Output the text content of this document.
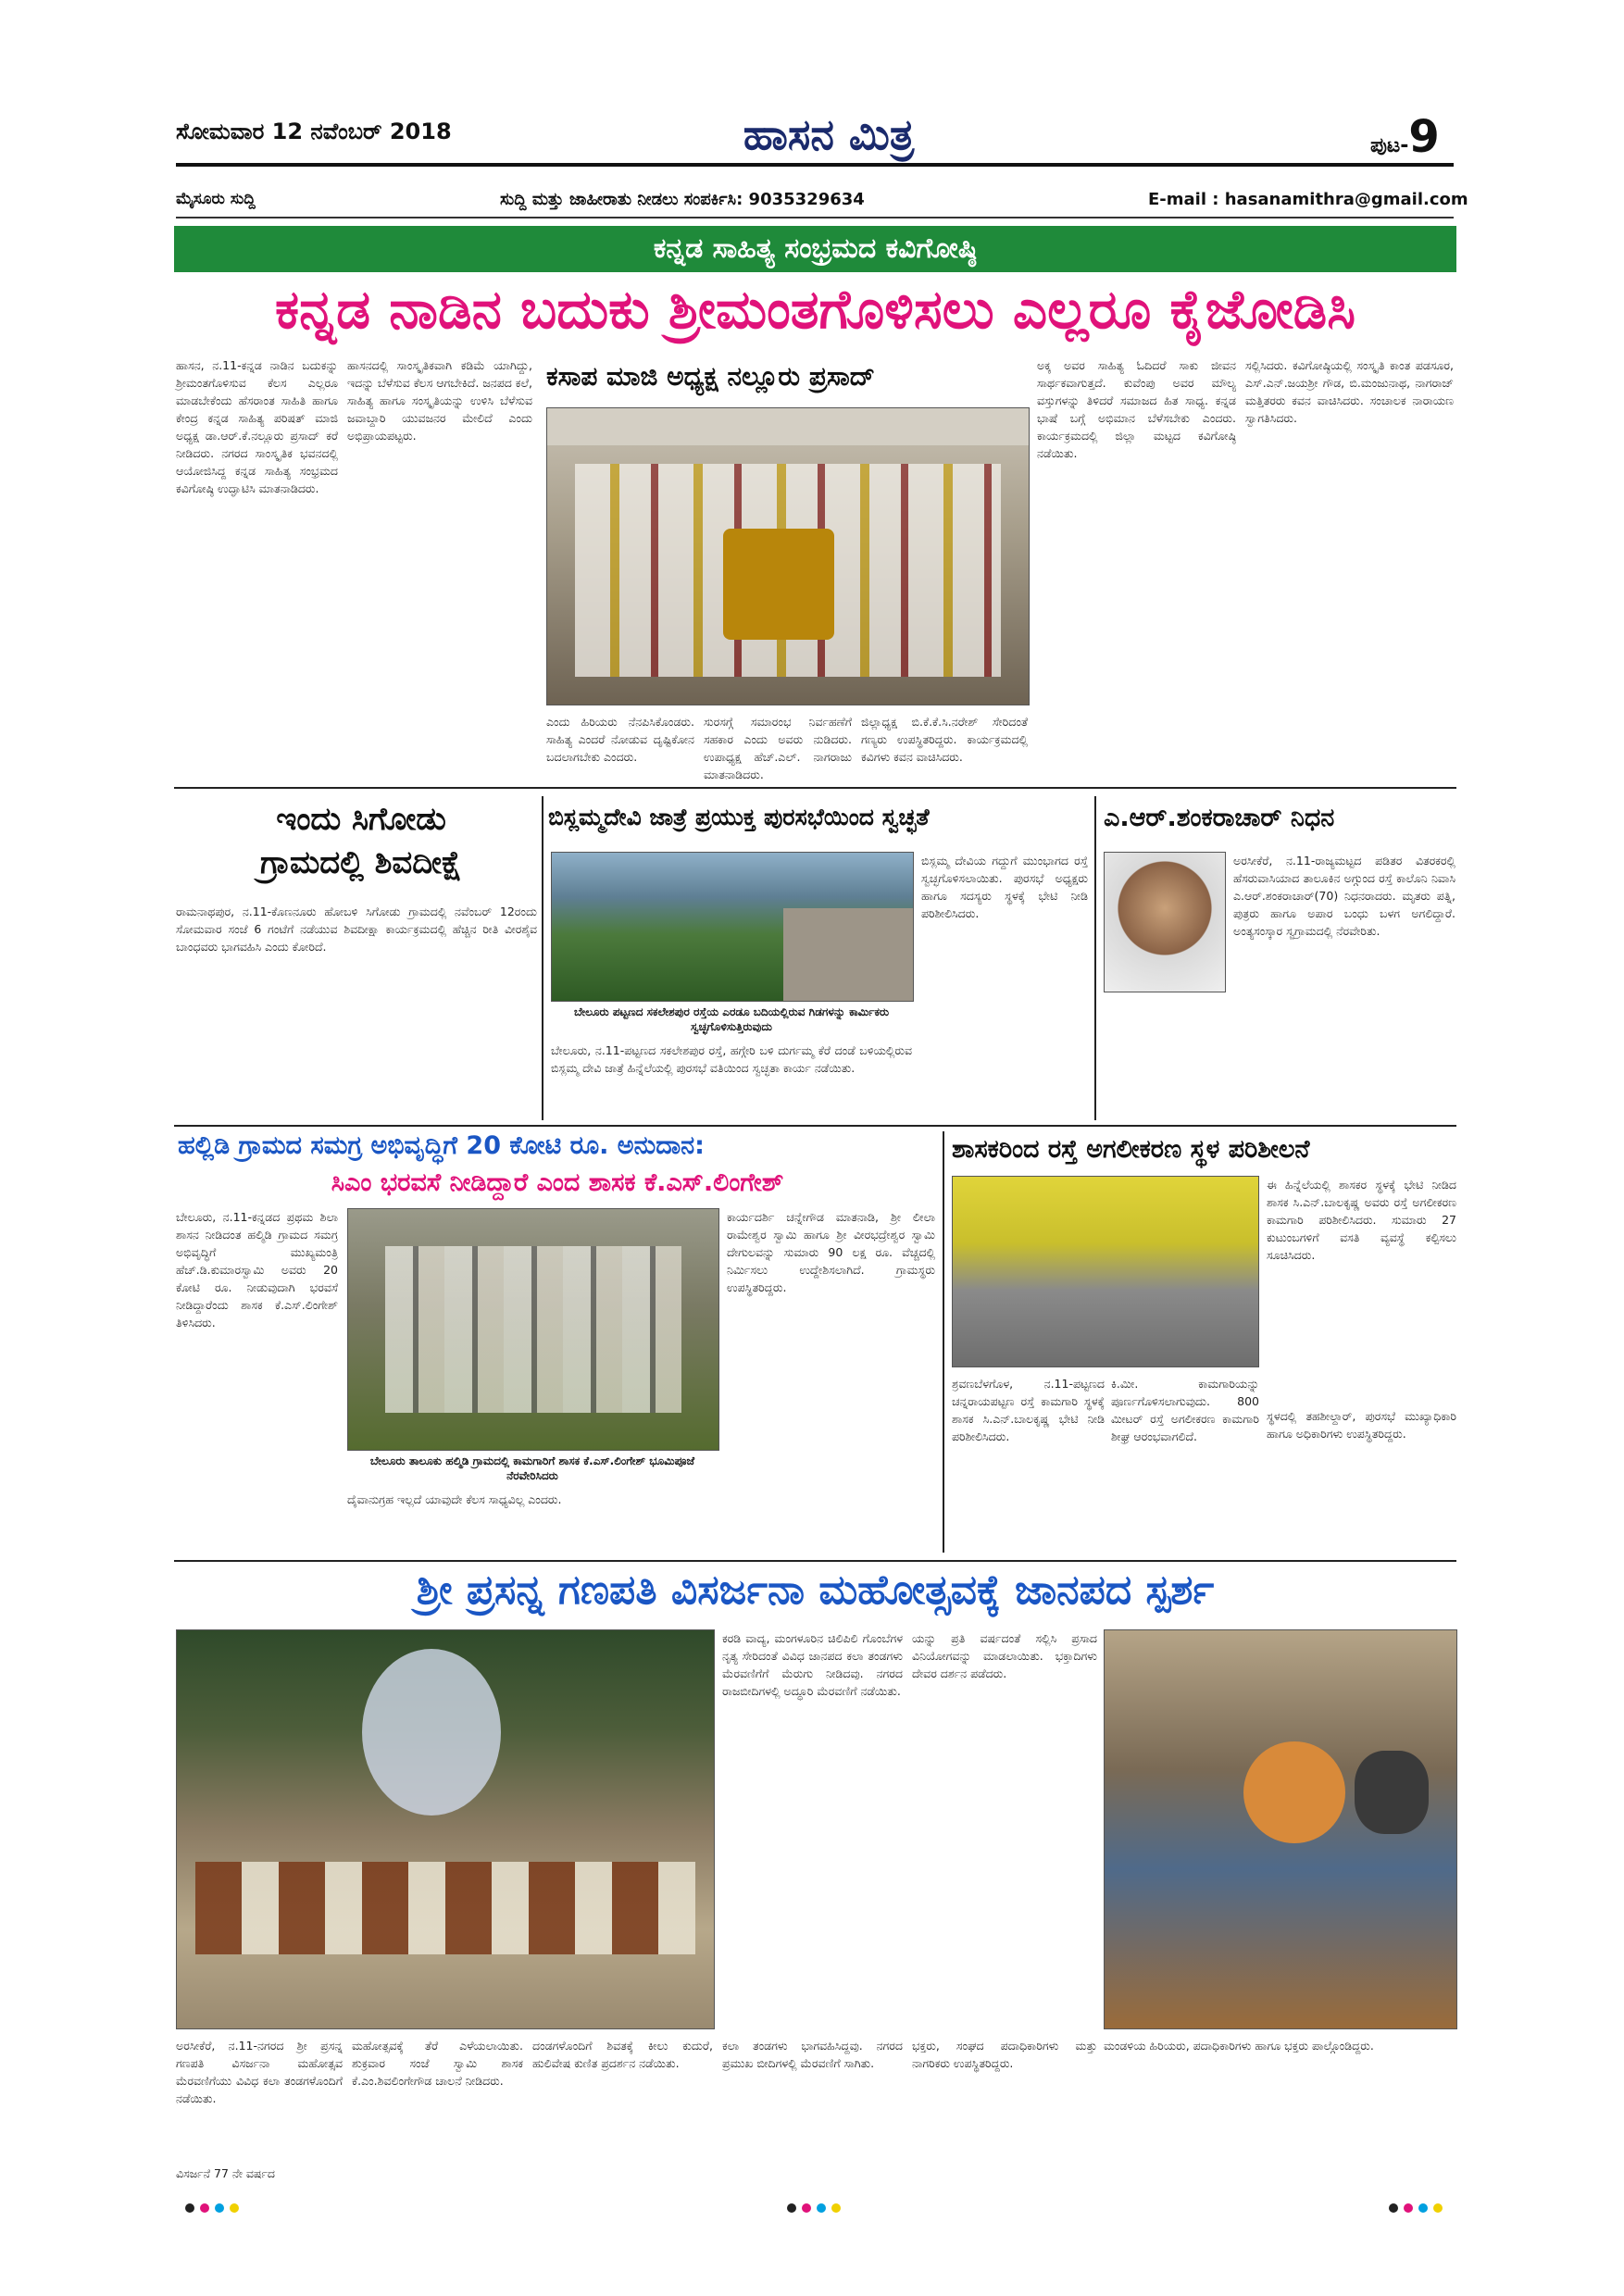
ಸೋಮವಾರ 12 ನವೆಂಬರ್ 2018	ಹಾಸನ ಮಿತ್ರ	ಪುಟ-9
ಮೈಸೂರು ಸುದ್ದಿ	ಸುದ್ದಿ ಮತ್ತು ಜಾಹೀರಾತು ನೀಡಲು ಸಂಪರ್ಕಿಸಿ: 9035329634	E-mail : hasanamithra@gmail.com
ಕನ್ನಡ ಸಾಹಿತ್ಯ ಸಂಭ್ರಮದ ಕವಿಗೋಷ್ಠಿ
ಕನ್ನಡ ನಾಡಿನ ಬದುಕು ಶ್ರೀಮಂತಗೊಳಿಸಲು ಎಲ್ಲರೂ ಕೈಜೋಡಿಸಿ
ಹಾಸನ, ನ.11-ಕನ್ನಡ ನಾಡಿನ ಬದುಕನ್ನು ಶ್ರೀಮಂತಗೊಳಿಸುವ ಕೆಲಸ ಎಲ್ಲರೂ ಮಾಡಬೇಕೆಂದು ಹೆಸರಾಂತ ಸಾಹಿತಿ ಹಾಗೂ ಕೇಂದ್ರ ಕನ್ನಡ ಸಾಹಿತ್ಯ ಪರಿಷತ್ ಮಾಜಿ ಅಧ್ಯಕ್ಷ ಡಾ.ಆರ್.ಕೆ.ನಲ್ಲೂರು ಪ್ರಸಾದ್ ಕರೆ ನೀಡಿದರು. ನಗರದ ಸಾಂಸ್ಕೃತಿಕ ಭವನದಲ್ಲಿ ಆಯೋಜಿಸಿದ್ದ ಕನ್ನಡ ಸಾಹಿತ್ಯ ಸಂಭ್ರಮದ ಕವಿಗೋಷ್ಠಿ ಉದ್ಘಾಟಿಸಿ ಮಾತನಾಡಿದರು.
ಹಾಸನದಲ್ಲಿ ಸಾಂಸ್ಕೃತಿಕವಾಗಿ ಕಡಿಮೆ ಯಾಗಿದ್ದು, ಇದನ್ನು ಬೆಳೆಸುವ ಕೆಲಸ ಆಗಬೇಕಿದೆ. ಜನಪದ ಕಲೆ, ಸಾಹಿತ್ಯ ಹಾಗೂ ಸಂಸ್ಕೃತಿಯನ್ನು ಉಳಿಸಿ ಬೆಳೆಸುವ ಜವಾಬ್ದಾರಿ ಯುವಜನರ ಮೇಲಿದೆ ಎಂದು ಅಭಿಪ್ರಾಯಪಟ್ಟರು.
ಕಸಾಪ ಮಾಜಿ ಅಧ್ಯಕ್ಷ ನಲ್ಲೂರು ಪ್ರಸಾದ್
ಎಂದು ಹಿರಿಯರು ನೆನಪಿಸಿಕೊಂಡರು. ಸಾಹಿತ್ಯ ಎಂದರೆ ನೋಡುವ ದೃಷ್ಟಿಕೋನ ಬದಲಾಗಬೇಕು ಎಂದರು.
ಸುರಸಗ್ಗೆ ಸಮಾರಂಭ ನಿರ್ವಹಣೆಗೆ ಸಹಕಾರ ಎಂದು ಅವರು ನುಡಿದರು. ಉಪಾಧ್ಯಕ್ಷ ಹೆಚ್.ಎಲ್. ನಾಗರಾಜು ಮಾತನಾಡಿದರು.
ಜಿಲ್ಲಾಧ್ಯಕ್ಷ ಬಿ.ಕೆ.ಕೆ.ಸಿ.ನರೇಶ್ ಸೇರಿದಂತೆ ಗಣ್ಯರು ಉಪಸ್ಥಿತರಿದ್ದರು. ಕಾರ್ಯಕ್ರಮದಲ್ಲಿ ಕವಿಗಳು ಕವನ ವಾಚಿಸಿದರು.
ಅಕ್ಕ ಅವರ ಸಾಹಿತ್ಯ ಓದಿದರೆ ಸಾಕು ಜೀವನ ಸಾರ್ಥಕವಾಗುತ್ತದೆ. ಕುವೆಂಪು ಅವರ ಮೌಲ್ಯ ವಸ್ತುಗಳನ್ನು ತಿಳಿದರೆ ಸಮಾಜದ ಹಿತ ಸಾಧ್ಯ. ಕನ್ನಡ ಭಾಷೆ ಬಗ್ಗೆ ಅಭಿಮಾನ ಬೆಳೆಸಬೇಕು ಎಂದರು. ಕಾರ್ಯಕ್ರಮದಲ್ಲಿ ಜಿಲ್ಲಾ ಮಟ್ಟದ ಕವಿಗೋಷ್ಠಿ ನಡೆಯಿತು.
ಸಲ್ಲಿಸಿದರು. ಕವಿಗೋಷ್ಠಿಯಲ್ಲಿ ಸಂಸ್ಕೃತಿ ಕಾಂತ ಪಡಸೂರ, ಎಸ್.ಎನ್.ಜಯಶ್ರೀ ಗೌಡ, ಬಿ.ಮಂಜುನಾಥ, ನಾಗರಾಜ್ ಮತ್ತಿತರರು ಕವನ ವಾಚಿಸಿದರು. ಸಂಚಾಲಕ ನಾರಾಯಣ ಸ್ವಾಗತಿಸಿದರು.
ಇಂದು ಸಿಗೋಡು
ಗ್ರಾಮದಲ್ಲಿ ಶಿವದೀಕ್ಷೆ
ರಾಮನಾಥಪುರ, ನ.11-ಕೊಣನೂರು ಹೋಬಳಿ ಸಿಗೋಡು ಗ್ರಾಮದಲ್ಲಿ ನವೆಂಬರ್ 12ರಂದು ಸೋಮವಾರ ಸಂಜೆ 6 ಗಂಟೆಗೆ ನಡೆಯುವ ಶಿವದೀಕ್ಷಾ ಕಾರ್ಯಕ್ರಮದಲ್ಲಿ ಹೆಚ್ಚಿನ ರೀತಿ ವೀರಶೈವ ಬಾಂಧವರು ಭಾಗವಹಿಸಿ ಎಂದು ಕೋರಿದೆ.
ಬಿಸ್ಲಮ್ಮದೇವಿ ಜಾತ್ರೆ ಪ್ರಯುಕ್ತ ಪುರಸಭೆಯಿಂದ ಸ್ವಚ್ಛತೆ
ಬೇಲೂರು ಪಟ್ಟಣದ ಸಕಲೇಶಪುರ ರಸ್ತೆಯ ಎರಡೂ ಬದಿಯಲ್ಲಿರುವ ಗಿಡಗಳನ್ನು ಕಾರ್ಮಿಕರು ಸ್ವಚ್ಛಗೊಳಿಸುತ್ತಿರುವುದು
ಬೇಲೂರು, ನ.11-ಪಟ್ಟಣದ ಸಕಲೇಶಪುರ ರಸ್ತೆ, ಹಗ್ಗೇರಿ ಬಳಿ ದುರ್ಗಮ್ಮ ಕೆರೆ ದಂಡೆ ಬಳಿಯಲ್ಲಿರುವ ಬಿಸ್ಲಮ್ಮ ದೇವಿ ಜಾತ್ರೆ ಹಿನ್ನೆಲೆಯಲ್ಲಿ ಪುರಸಭೆ ವತಿಯಿಂದ ಸ್ವಚ್ಛತಾ ಕಾರ್ಯ ನಡೆಯಿತು.
ಬಿಸ್ಲಮ್ಮ ದೇವಿಯ ಗದ್ದುಗೆ ಮುಂಭಾಗದ ರಸ್ತೆ ಸ್ವಚ್ಛಗೊಳಿಸಲಾಯಿತು. ಪುರಸಭೆ ಅಧ್ಯಕ್ಷರು ಹಾಗೂ ಸದಸ್ಯರು ಸ್ಥಳಕ್ಕೆ ಭೇಟಿ ನೀಡಿ ಪರಿಶೀಲಿಸಿದರು.
ಎ.ಆರ್.ಶಂಕರಾಚಾರ್ ನಿಧನ
ಅರಸೀಕೆರೆ, ನ.11-ರಾಜ್ಯಮಟ್ಟದ ಪಡಿತರ ವಿತರಕರಲ್ಲಿ ಹೆಸರುವಾಸಿಯಾದ ತಾಲೂಕಿನ ಅಗ್ಗುಂದ ರಸ್ತೆ ಕಾಲೊನಿ ನಿವಾಸಿ ಎ.ಆರ್.ಶಂಕರಾಚಾರ್(70) ನಿಧನರಾದರು. ಮೃತರು ಪತ್ನಿ, ಪುತ್ರರು ಹಾಗೂ ಅಪಾರ ಬಂಧು ಬಳಗ ಅಗಲಿದ್ದಾರೆ. ಅಂತ್ಯಸಂಸ್ಕಾರ ಸ್ವಗ್ರಾಮದಲ್ಲಿ ನೆರವೇರಿತು.
ಹಲ್ಲಿಡಿ ಗ್ರಾಮದ ಸಮಗ್ರ ಅಭಿವೃದ್ಧಿಗೆ 20 ಕೋಟಿ ರೂ. ಅನುದಾನ:
ಸಿಎಂ ಭರವಸೆ ನೀಡಿದ್ದಾರೆ ಎಂದ ಶಾಸಕ ಕೆ.ಎಸ್.ಲಿಂಗೇಶ್
ಬೇಲೂರು, ನ.11-ಕನ್ನಡದ ಪ್ರಥಮ ಶಿಲಾ ಶಾಸನ ನೀಡಿದಂತ ಹಲ್ಮಿಡಿ ಗ್ರಾಮದ ಸಮಗ್ರ ಅಭಿವೃದ್ಧಿಗೆ ಮುಖ್ಯಮಂತ್ರಿ ಹೆಚ್.ಡಿ.ಕುಮಾರಸ್ವಾಮಿ ಅವರು 20 ಕೋಟಿ ರೂ. ನೀಡುವುದಾಗಿ ಭರವಸೆ ನೀಡಿದ್ದಾರೆಂದು ಶಾಸಕ ಕೆ.ಎಸ್.ಲಿಂಗೇಶ್ ತಿಳಿಸಿದರು.
ಬೇಲೂರು ತಾಲೂಕು ಹಲ್ಮಿಡಿ ಗ್ರಾಮದಲ್ಲಿ ಕಾಮಗಾರಿಗೆ ಶಾಸಕ ಕೆ.ಎಸ್.ಲಿಂಗೇಶ್ ಭೂಮಿಪೂಜೆ ನೆರವೇರಿಸಿದರು
ದೈವಾನುಗ್ರಹ ಇಲ್ಲದೆ ಯಾವುದೇ ಕೆಲಸ ಸಾಧ್ಯವಿಲ್ಲ ಎಂದರು.
ಕಾರ್ಯದರ್ಶಿ ಚನ್ನೇಗೌಡ ಮಾತನಾಡಿ, ಶ್ರೀ ಲೀಲಾ ರಾಮೇಶ್ವರ ಸ್ವಾಮಿ ಹಾಗೂ ಶ್ರೀ ವೀರಭದ್ರೇಶ್ವರ ಸ್ವಾಮಿ ದೇಗುಲವನ್ನು ಸುಮಾರು 90 ಲಕ್ಷ ರೂ. ವೆಚ್ಚದಲ್ಲಿ ನಿರ್ಮಿಸಲು ಉದ್ದೇಶಿಸಲಾಗಿದೆ. ಗ್ರಾಮಸ್ಥರು ಉಪಸ್ಥಿತರಿದ್ದರು.
ಶಾಸಕರಿಂದ ರಸ್ತೆ ಅಗಲೀಕರಣ ಸ್ಥಳ ಪರಿಶೀಲನೆ
ಈ ಹಿನ್ನೆಲೆಯಲ್ಲಿ ಶಾಸಕರ ಸ್ಥಳಕ್ಕೆ ಭೇಟಿ ನೀಡಿದ ಶಾಸಕ ಸಿ.ಎನ್.ಬಾಲಕೃಷ್ಣ ಅವರು ರಸ್ತೆ ಅಗಲೀಕರಣ ಕಾಮಗಾರಿ ಪರಿಶೀಲಿಸಿದರು. ಸುಮಾರು 27 ಕುಟುಂಬಗಳಿಗೆ ವಸತಿ ವ್ಯವಸ್ಥೆ ಕಲ್ಪಿಸಲು ಸೂಚಿಸಿದರು.
ಶ್ರವಣಬೆಳಗೊಳ, ನ.11-ಪಟ್ಟಣದ ಚನ್ನರಾಯಪಟ್ಟಣ ರಸ್ತೆ ಕಾಮಗಾರಿ ಸ್ಥಳಕ್ಕೆ ಶಾಸಕ ಸಿ.ಎನ್.ಬಾಲಕೃಷ್ಣ ಭೇಟಿ ನೀಡಿ ಪರಿಶೀಲಿಸಿದರು.
ಕಿ.ಮೀ. ಕಾಮಗಾರಿಯನ್ನು ಪೂರ್ಣಗೊಳಿಸಲಾಗುವುದು. 800 ಮೀಟರ್ ರಸ್ತೆ ಅಗಲೀಕರಣ ಕಾಮಗಾರಿ ಶೀಘ್ರ ಆರಂಭವಾಗಲಿದೆ.
ಸ್ಥಳದಲ್ಲಿ ತಹಶೀಲ್ದಾರ್, ಪುರಸಭೆ ಮುಖ್ಯಾಧಿಕಾರಿ ಹಾಗೂ ಅಧಿಕಾರಿಗಳು ಉಪಸ್ಥಿತರಿದ್ದರು.
ಶ್ರೀ ಪ್ರಸನ್ನ ಗಣಪತಿ ವಿಸರ್ಜನಾ ಮಹೋತ್ಸವಕ್ಕೆ ಜಾನಪದ ಸ್ಪರ್ಶ
ಕರಡಿ ವಾದ್ಯ, ಮಂಗಳೂರಿನ ಚಿಲಿಪಿಲಿ ಗೊಂಬೆಗಳ ನೃತ್ಯ ಸೇರಿದಂತೆ ವಿವಿಧ ಜಾನಪದ ಕಲಾ ತಂಡಗಳು ಮೆರವಣಿಗೆಗೆ ಮೆರುಗು ನೀಡಿದವು. ನಗರದ ರಾಜಬೀದಿಗಳಲ್ಲಿ ಅದ್ಧೂರಿ ಮೆರವಣಿಗೆ ನಡೆಯಿತು.
ಯನ್ನು ಪ್ರತಿ ವರ್ಷದಂತೆ ಸಲ್ಲಿಸಿ ಪ್ರಸಾದ ವಿನಿಯೋಗವನ್ನು ಮಾಡಲಾಯಿತು. ಭಕ್ತಾದಿಗಳು ದೇವರ ದರ್ಶನ ಪಡೆದರು.
ಅರಸೀಕೆರೆ, ನ.11-ನಗರದ ಶ್ರೀ ಪ್ರಸನ್ನ ಗಣಪತಿ ವಿಸರ್ಜನಾ ಮಹೋತ್ಸವ ಮೆರವಣಿಗೆಯು ವಿವಿಧ ಕಲಾ ತಂಡಗಳೊಂದಿಗೆ ನಡೆಯಿತು.
ಮಹೋತ್ಸವಕ್ಕೆ ತೆರೆ ಎಳೆಯಲಾಯಿತು. ಶುಕ್ರವಾರ ಸಂಜೆ ಸ್ವಾಮಿ ಶಾಸಕ ಕೆ.ಎಂ.ಶಿವಲಿಂಗೇಗೌಡ ಚಾಲನೆ ನೀಡಿದರು.
ದಂಡಗಳೊಂದಿಗೆ ಶಿವತಕ್ಕೆ ಕೀಲು ಕುದುರೆ, ಹುಲಿವೇಷ ಕುಣಿತ ಪ್ರದರ್ಶನ ನಡೆಯಿತು.
ಕಲಾ ತಂಡಗಳು ಭಾಗವಹಿಸಿದ್ದವು. ನಗರದ ಪ್ರಮುಖ ಬೀದಿಗಳಲ್ಲಿ ಮೆರವಣಿಗೆ ಸಾಗಿತು.
ಭಕ್ತರು, ಸಂಘದ ಪದಾಧಿಕಾರಿಗಳು ಮತ್ತು ನಾಗರಿಕರು ಉಪಸ್ಥಿತರಿದ್ದರು.
ಮಂಡಳಿಯ ಹಿರಿಯರು, ಪದಾಧಿಕಾರಿಗಳು ಹಾಗೂ ಭಕ್ತರು ಪಾಲ್ಗೊಂಡಿದ್ದರು.
ವಿಸರ್ಜನೆ 77 ನೇ ವರ್ಷದ
